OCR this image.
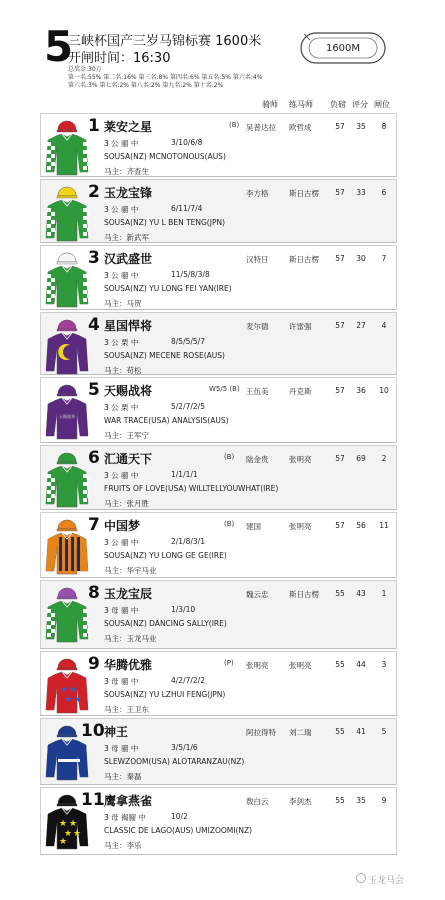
5
三峡杯国产三岁马锦标赛 1600米
开闸时间：16:30
总奖金:30万
第一名:55% 第二名:16% 第三名:8% 第四名:6% 第五名:5% 第六名:4%
第六名:3% 第七名:2% 第八名:2% 第九名:2% 第十名:2%
1600M
骑师 练马师 负磅 评分 闸位
1 莱安之星	(B) 吴普达拉 欧哲成	57	35	8
3 公 骝 中	3/10/6/8
SOUSA(NZ) MCNOTONOUS(AUS)
马主：齐查生
2 玉龙宝锋	李方格	斯日古楞	57	33	6
3 公 骝 中	6/11/7/4
SOUSA(NZ) YU L BEN TENG(JPN)
马主：新武军
3 汉武盛世	汉特日	斯日古楞	57	30	7
3 公 骝 中	11/5/8/3/8
SOUSA(NZ) YU LONG FEI YAN(IRE)
马主：马贺
4 星国悍将	麦尔德	许雷强	57	27	4
3 公 栗 中	8/5/5/5/7
SOUSA(NZ) MECENE ROSE(AUS)
马主：苟松
天赐战将
5 天赐战将	W5/5 (B) 王伍美	丹克斯	57	36	10
3 公 栗 中	5/2/7/2/5
WAR TRACE(USA) ANALYSIS(AUS)
马主：王军宁
6 汇通天下	(B) 陆金贵	张明亮	57	69	2
3 公 骝 中	1/1/1/1
FRUITS OF LOVE(USA) WILLTELLYOUWHAT(IRE)
马主：张月胜
7 中国梦	(B) 建国	张明亮	57	56	11
3 公 骝 中	2/1/8/3/1
SOUSA(NZ) YU LONG GE GE(IRE)
马主：华宇马业
8 玉龙宝辰	魏云忠	斯日古楞	55	43	1
3 母 骝 中	1/3/10
SOUSA(NZ) DANCING SALLY(IRE)
马主：玉龙马业
★ ★
★ ★
9 华腾优雅	(P) 张明亮	张明亮	55	44	3
3 母 骝 中	4/2/7/2/2
SOUSA(NZ) YU LZHUI FENG(JPN)
马主：王卫东
10 神王	阿拉得特 刘二瑞	55	41	5
3 母 骝 中	3/5/1/6
SLEWZOOM(USA) ALOTARANZAU(NZ)
马主：秦磊
★ ★
★ ★
★
11 鹰拿燕雀	敖白云	李剑杰	55	35	9
3 母 褐骝 中	10/2
CLASSIC DE LAGO(AUS) UMIZOOMI(NZ)
马主：李乐
玉龙马会
